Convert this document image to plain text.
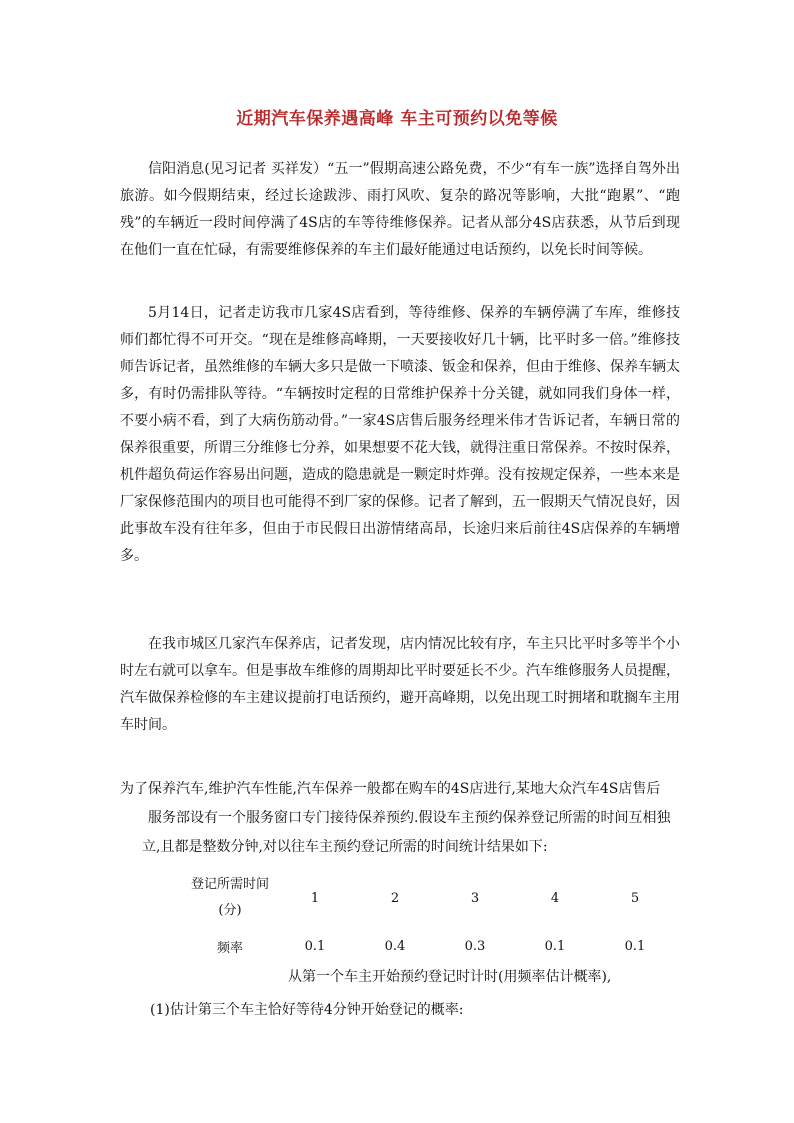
近期汽车保养遇高峰 车主可预约以免等候

信阳消息(见习记者 买祥发）“五一”假期高速公路免费，不少“有车一族”选择自驾外出旅游。如今假期结束，经过长途跋涉、雨打风吹、复杂的路况等影响，大批“跑累”、“跑残”的车辆近一段时间停满了4S店的车等待维修保养。记者从部分4S店获悉，从节后到现在他们一直在忙碌，有需要维修保养的车主们最好能通过电话预约，以免长时间等候。

5月14日，记者走访我市几家4S店看到，等待维修、保养的车辆停满了车库，维修技师们都忙得不可开交。“现在是维修高峰期，一天要接收好几十辆，比平时多一倍。”维修技师告诉记者，虽然维修的车辆大多只是做一下喷漆、钣金和保养，但由于维修、保养车辆太多，有时仍需排队等待。“车辆按时定程的日常维护保养十分关键，就如同我们身体一样，不要小病不看，到了大病伤筋动骨。”一家4S店售后服务经理米伟才告诉记者，车辆日常的保养很重要，所谓三分维修七分养，如果想要不花大钱，就得注重日常保养。不按时保养，机件超负荷运作容易出问题，造成的隐患就是一颗定时炸弹。没有按规定保养，一些本来是厂家保修范围内的项目也可能得不到厂家的保修。记者了解到，五一假期天气情况良好，因此事故车没有往年多，但由于市民假日出游情绪高昂，长途归来后前往4S店保养的车辆增多。

在我市城区几家汽车保养店，记者发现，店内情况比较有序，车主只比平时多等半个小时左右就可以拿车。但是事故车维修的周期却比平时要延长不少。汽车维修服务人员提醒，汽车做保养检修的车主建议提前打电话预约，避开高峰期，以免出现工时拥堵和耽搁车主用车时间。

为了保养汽车,维护汽车性能,汽车保养一般都在购车的4S店进行,某地大众汽车4S店售后
服务部设有一个服务窗口专门接待保养预约.假设车主预约保养登记所需的时间互相独
立,且都是整数分钟,对以往车主预约登记所需的时间统计结果如下:
登记所需时间(分)	1	2	3	4	5
频率	0.1	0.4	0.3	0.1	0.1

从第一个车主开始预约登记时计时(用频率估计概率),

(1)估计第三个车主恰好等待4分钟开始登记的概率:
